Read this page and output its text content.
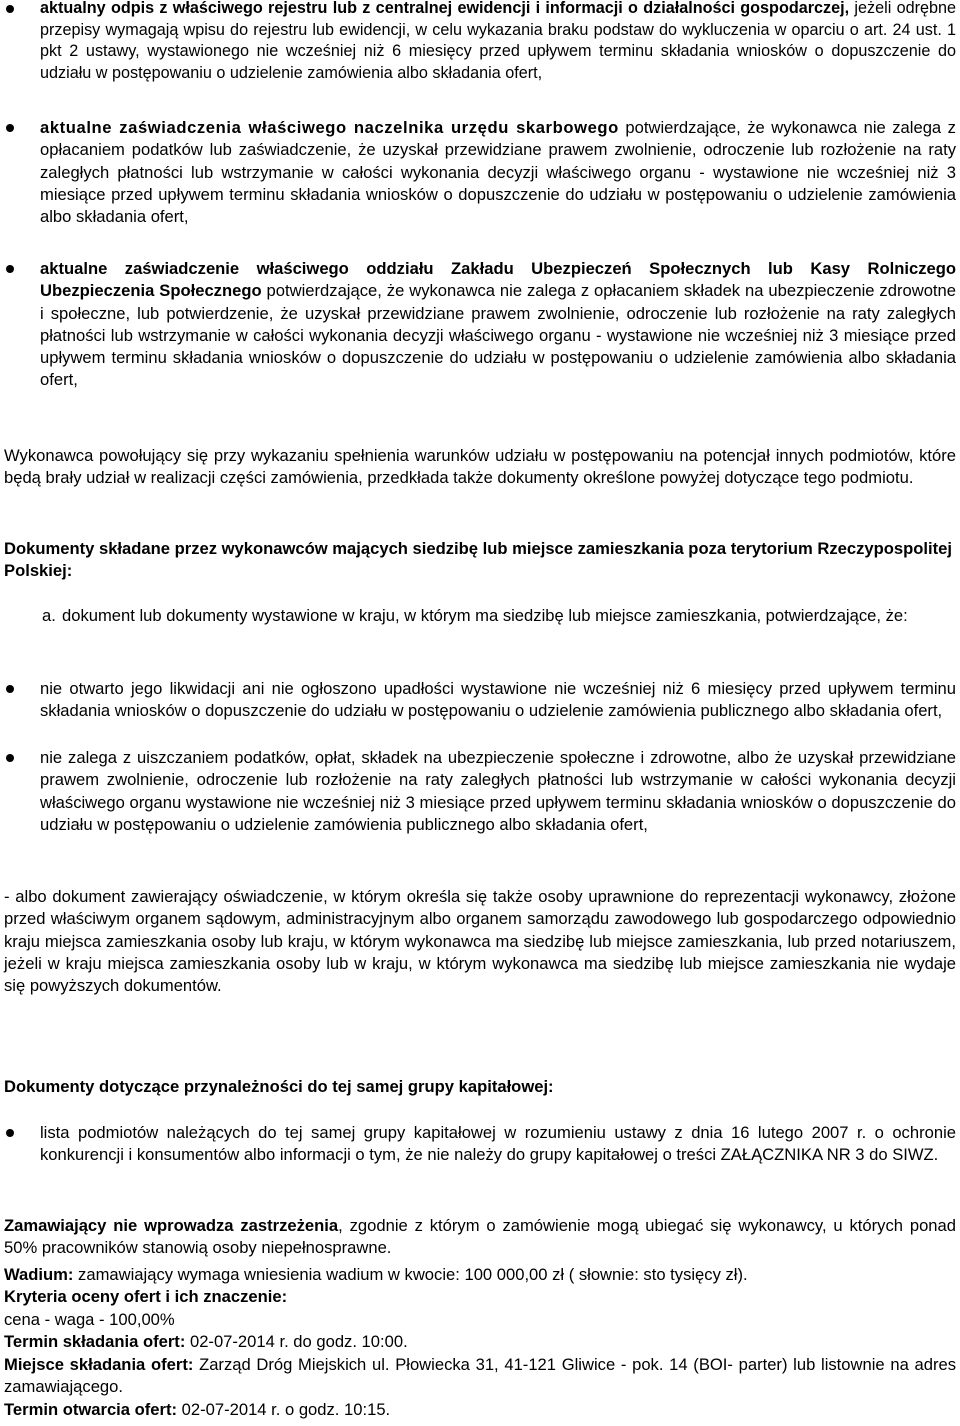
aktualny odpis z właściwego rejestru lub z centralnej ewidencji i informacji o działalności gospodarczej, jeżeli odrębne przepisy wymagają wpisu do rejestru lub ewidencji, w celu wykazania braku podstaw do wykluczenia w oparciu o art. 24 ust. 1 pkt 2 ustawy, wystawionego nie wcześniej niż 6 miesięcy przed upływem terminu składania wniosków o dopuszczenie do udziału w postępowaniu o udzielenie zamówienia albo składania ofert,
aktualne zaświadczenia właściwego naczelnika urzędu skarbowego potwierdzające, że wykonawca nie zalega z opłacaniem podatków lub zaświadczenie, że uzyskał przewidziane prawem zwolnienie, odroczenie lub rozłożenie na raty zaległych płatności lub wstrzymanie w całości wykonania decyzji właściwego organu - wystawione nie wcześniej niż 3 miesiące przed upływem terminu składania wniosków o dopuszczenie do udziału w postępowaniu o udzielenie zamówienia albo składania ofert,
aktualne zaświadczenie właściwego oddziału Zakładu Ubezpieczeń Społecznych lub Kasy Rolniczego Ubezpieczenia Społecznego potwierdzające, że wykonawca nie zalega z opłacaniem składek na ubezpieczenie zdrowotne i społeczne, lub potwierdzenie, że uzyskał przewidziane prawem zwolnienie, odroczenie lub rozłożenie na raty zaległych płatności lub wstrzymanie w całości wykonania decyzji właściwego organu - wystawione nie wcześniej niż 3 miesiące przed upływem terminu składania wniosków o dopuszczenie do udziału w postępowaniu o udzielenie zamówienia albo składania ofert,
Wykonawca powołujący się przy wykazaniu spełnienia warunków udziału w postępowaniu na potencjał innych podmiotów, które będą brały udział w realizacji części zamówienia, przedkłada także dokumenty określone powyżej dotyczące tego podmiotu.
Dokumenty składane przez wykonawców mających siedzibę lub miejsce zamieszkania poza terytorium Rzeczypospolitej Polskiej:
a. dokument lub dokumenty wystawione w kraju, w którym ma siedzibę lub miejsce zamieszkania, potwierdzające, że:
nie otwarto jego likwidacji ani nie ogłoszono upadłości wystawione nie wcześniej niż 6 miesięcy przed upływem terminu składania wniosków o dopuszczenie do udziału w postępowaniu o udzielenie zamówienia publicznego albo składania ofert,
nie zalega z uiszczaniem podatków, opłat, składek na ubezpieczenie społeczne i zdrowotne, albo że uzyskał przewidziane prawem zwolnienie, odroczenie lub rozłożenie na raty zaległych płatności lub wstrzymanie w całości wykonania decyzji właściwego organu wystawione nie wcześniej niż 3 miesiące przed upływem terminu składania wniosków o dopuszczenie do udziału w postępowaniu o udzielenie zamówienia publicznego albo składania ofert,
- albo dokument zawierający oświadczenie, w którym określa się także osoby uprawnione do reprezentacji wykonawcy, złożone przed właściwym organem sądowym, administracyjnym albo organem samorządu zawodowego lub gospodarczego odpowiednio kraju miejsca zamieszkania osoby lub kraju, w którym wykonawca ma siedzibę lub miejsce zamieszkania, lub przed notariuszem, jeżeli w kraju miejsca zamieszkania osoby lub w kraju, w którym wykonawca ma siedzibę lub miejsce zamieszkania nie wydaje się powyższych dokumentów.
Dokumenty dotyczące przynależności do tej samej grupy kapitałowej:
lista podmiotów należących do tej samej grupy kapitałowej w rozumieniu ustawy z dnia 16 lutego 2007 r. o ochronie konkurencji i konsumentów albo informacji o tym, że nie należy do grupy kapitałowej o treści ZAŁĄCZNIKA NR 3 do SIWZ.
Zamawiający nie wprowadza zastrzeżenia, zgodnie z którym o zamówienie mogą ubiegać się wykonawcy, u których ponad 50% pracowników stanowią osoby niepełnosprawne.
Wadium: zamawiający wymaga wniesienia wadium w kwocie: 100 000,00 zł ( słownie: sto tysięcy zł).
Kryteria oceny ofert i ich znaczenie:
cena - waga - 100,00%
Termin składania ofert: 02-07-2014 r. do godz. 10:00.
Miejsce składania ofert: Zarząd Dróg Miejskich ul. Płowiecka 31, 41-121 Gliwice - pok. 14 (BOI- parter) lub listownie na adres zamawiającego.
Termin otwarcia ofert: 02-07-2014 r. o godz. 10:15.
